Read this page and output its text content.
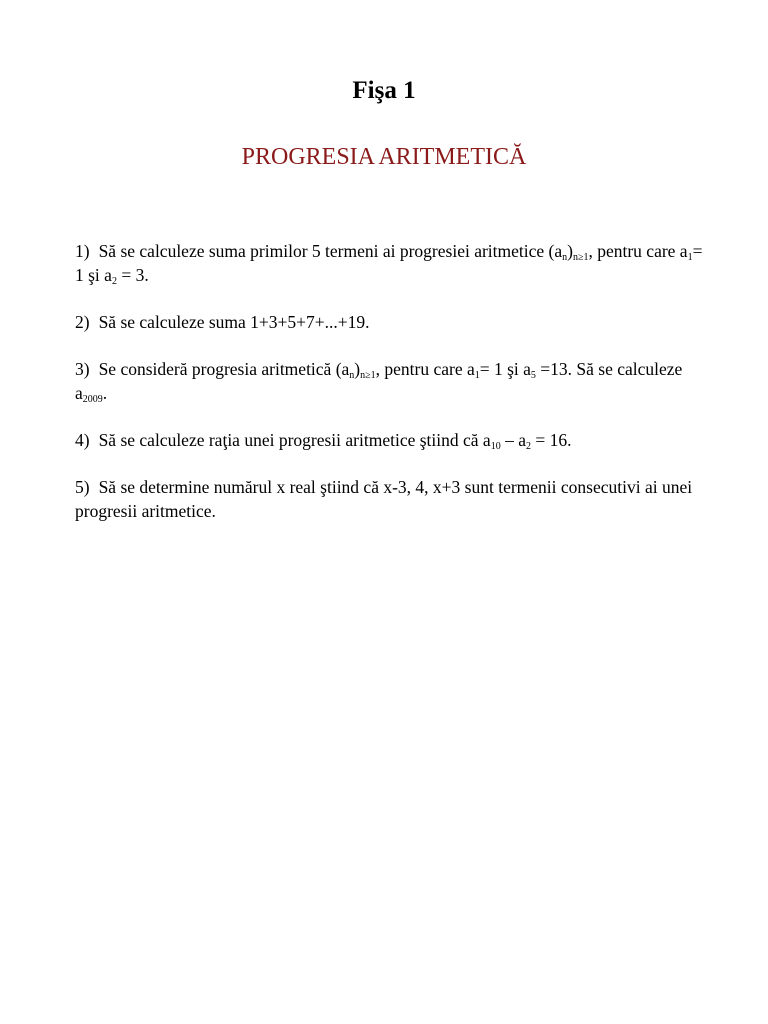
Fişa 1
PROGRESIA ARITMETICĂ

1) Să se calculeze suma primilor 5 termeni ai progresiei aritmetice $(a_n)_{n\ge 1}$, pentru care $a_1= 1$ şi $a_2 = 3$.

2) Să se calculeze suma 1+3+5+7+...+19.

3) Se consideră progresia aritmetică $(a_n)_{n\ge 1}$, pentru care $a_1= 1$ şi $a_5 =13$. Să se calculeze $a_{2009}$.

4) Să se calculeze raţia unei progresii aritmetice ştiind că $a_{10} - a_2 = 16$.

5) Să se determine numărul x real ştiind că x-3, 4, x+3 sunt termenii consecutivi ai unei progresii aritmetice.
